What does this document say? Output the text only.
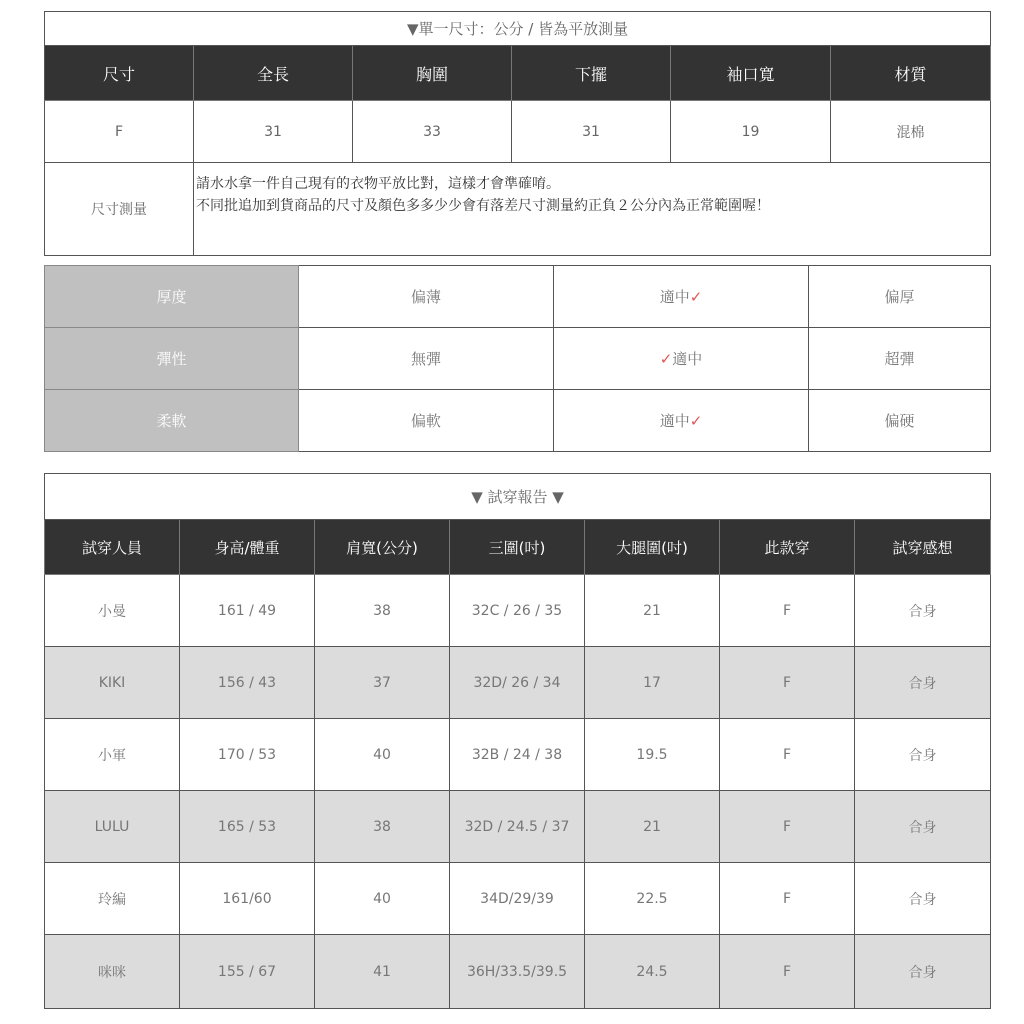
▼單一尺寸：公分 / 皆為平放測量					
尺寸	全長	胸圍	下擺	袖口寬	材質
F	31	33	31	19	混棉
尺寸測量	請水水拿一件自己現有的衣物平放比對，這樣才會準確唷。
不同批追加到貨商品的尺寸及顏色多多少少會有落差尺寸測量約正負２公分內為正常範圍喔！				
厚度	偏薄	適中✓	偏厚
彈性	無彈	✓適中	超彈
柔軟	偏軟	適中✓	偏硬
▼ 試穿報告 ▼						
試穿人員	身高/體重	肩寬(公分)	三圍(吋)	大腿圍(吋)	此款穿	試穿感想
小曼	161 / 49	38	32C / 26 / 35	21	F	合身
KIKI	156 / 43	37	32D/ 26 / 34	17	F	合身
小軍	170 / 53	40	32B / 24 / 38	19.5	F	合身
LULU	165 / 53	38	32D / 24.5 / 37	21	F	合身
玲編	161/60	40	34D/29/39	22.5	F	合身
咪咪	155 / 67	41	36H/33.5/39.5	24.5	F	合身
